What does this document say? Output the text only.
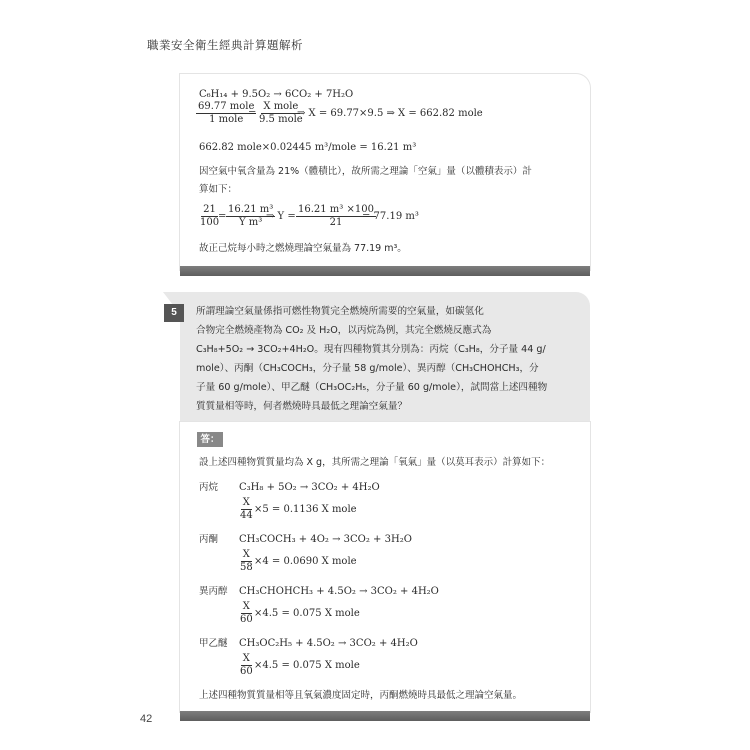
職業安全衛生經典計算題解析
C₆H₁₄ + 9.5O₂ → 6CO₂ + 7H₂O
69.77 mole
1 mole
=
X mole
9.5 mole
⇒ X = 69.77×9.5 ⇒ X = 662.82 mole
662.82 mole×0.02445 m³/mole = 16.21 m³
因空氣中氧含量為 21%（體積比），故所需之理論「空氣」量（以體積表示）計
算如下：
$\frac{21}{100}$
= $\frac{\text{16.21 m³}}{\text{Y m³}}$
⇒ $Y = \frac{\text{16.21 m³ ×100}}{21}$
= 77.19 m³
故正己烷每小時之燃燒理論空氣量為 77.19 m³。
5	所謂理論空氣量係指可燃性物質完全燃燒所需要的空氣量，如碳氫化
合物完全燃燒產物為 CO₂ 及 H₂O，以丙烷為例，其完全燃燒反應式為
C₃H₈+5O₂ → 3CO₂+4H₂O。現有四種物質其分別為：丙烷（C₃H₈，分子量 44 g/
mole）、丙酮（CH₃COCH₃，分子量 58 g/mole）、異丙醇（CH₃CHOHCH₃，分
子量 60 g/mole）、甲乙醚（CH₃OC₂H₅，分子量 60 g/mole），試問當上述四種物
質質量相等時，何者燃燒時具最低之理論空氣量？
答：
設上述四種物質質量均為 X g，其所需之理論「氧氣」量（以莫耳表示）計算如下：
丙烷 C₃H₈ + 5O₂ → 3CO₂ + 4H₂O
$\frac{X}{44} \times 5 = 0.1136$ X mole
丙酮 CH₃COCH₃ + 4O₂ → 3CO₂ + 3H₂O
$\frac{X}{58} \times 4 = 0.0690$ X mole
異丙醇 CH₃CHOHCH₃ + 4.5O₂ → 3CO₂ + 4H₂O
$\frac{X}{60} \times 4.5 = 0.075$ X mole
甲乙醚 CH₃OC₂H₅ + 4.5O₂ → 3CO₂ + 4H₂O
$\frac{X}{60} \times 4.5 = 0.075$ X mole
上述四種物質質量相等且氧氣濃度固定時，丙酮燃燒時具最低之理論空氣量。
42
